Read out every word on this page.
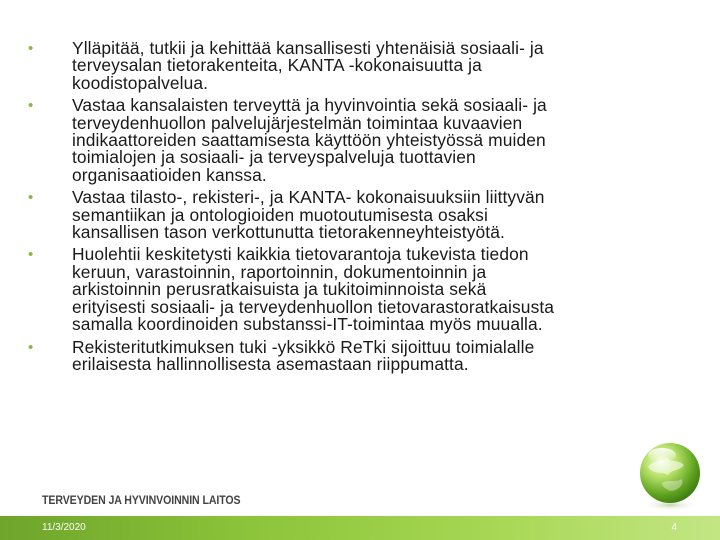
• Ylläpitää, tutkii ja kehittää kansallisesti yhtenäisiä sosiaali- ja
terveysalan tietorakenteita, KANTA -kokonaisuutta ja
koodistopalvelua.
• Vastaa kansalaisten terveyttä ja hyvinvointia sekä sosiaali- ja
terveydenhuollon palvelujärjestelmän toimintaa kuvaavien
indikaattoreiden saattamisesta käyttöön yhteistyössä muiden
toimialojen ja sosiaali- ja terveyspalveluja tuottavien
organisaatioiden kanssa.
• Vastaa tilasto-, rekisteri-, ja KANTA- kokonaisuuksiin liittyvän
semantiikan ja ontologioiden muotoutumisesta osaksi
kansallisen tason verkottunutta tietorakenneyhteistyötä.
• Huolehtii keskitetysti kaikkia tietovarantoja tukevista tiedon
keruun, varastoinnin, raportoinnin, dokumentoinnin ja
arkistoinnin perusratkaisuista ja tukitoiminnoista sekä
erityisesti sosiaali- ja terveydenhuollon tietovarastoratkaisusta
samalla koordinoiden substanssi-IT-toimintaa myös muualla.
• Rekisteritutkimuksen tuki -yksikkö ReTki sijoittuu toimialalle
erilaisesta hallinnollisesta asemastaan riippumatta.
TERVEYDEN JA HYVINVOINNIN LAITOS
11/3/2020	4
